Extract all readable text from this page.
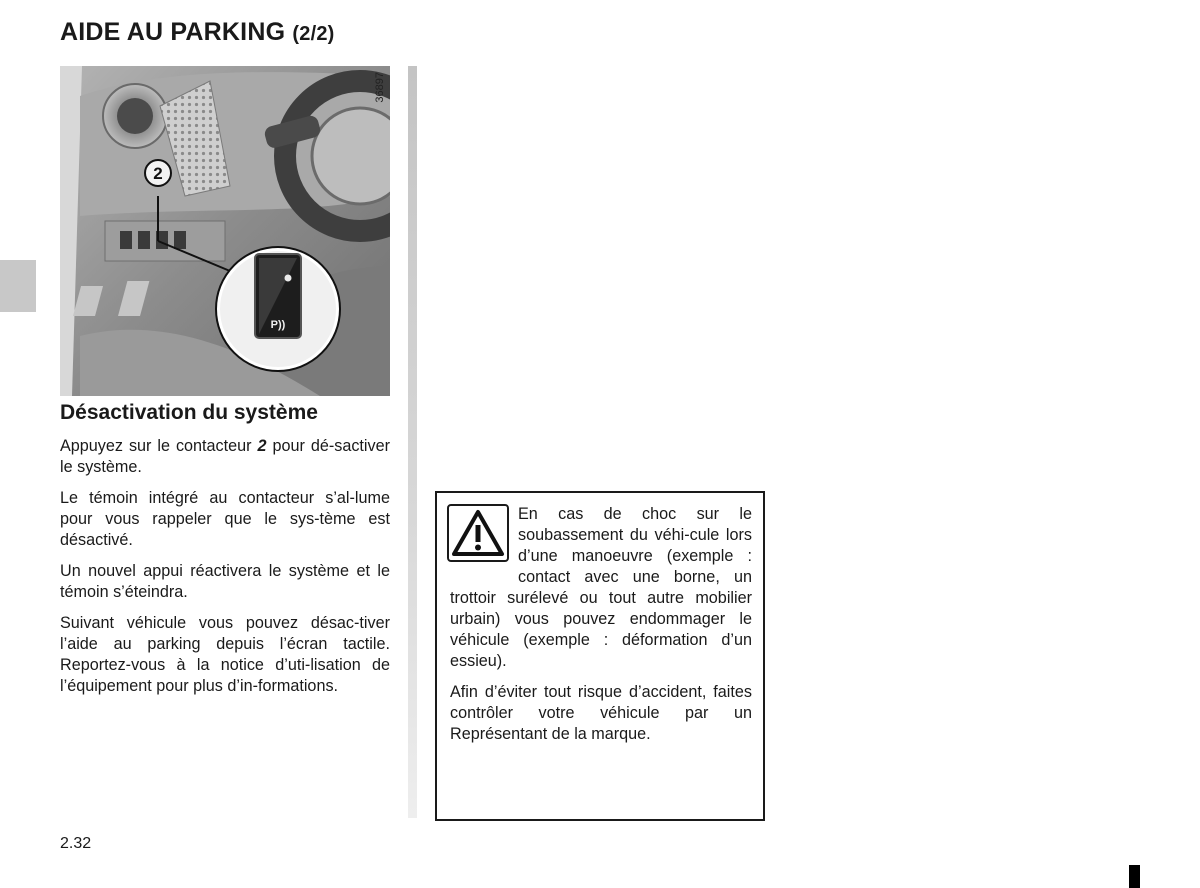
AIDE AU PARKING (2/2)
2
P))
36897
Désactivation du système

Appuyez sur le contacteur 2 pour dé-sactiver le système.

Le témoin intégré au contacteur s’al-lume pour vous rappeler que le sys-tème est désactivé.

Un nouvel appui réactivera le système et le témoin s’éteindra.

Suivant véhicule vous pouvez désac-tiver l’aide au parking depuis l’écran tactile. Reportez-vous à la notice d’uti-lisation de l’équipement pour plus d’in-formations.

En cas de choc sur le soubassement du véhi-cule lors d’une manoeuvre (exemple : contact avec une borne, un trottoir surélevé ou tout autre mobilier urbain) vous pouvez endommager le véhicule (exemple : déformation d’un essieu).

Afin d’éviter tout risque d’accident, faites contrôler votre véhicule par un Représentant de la marque.

2.32
